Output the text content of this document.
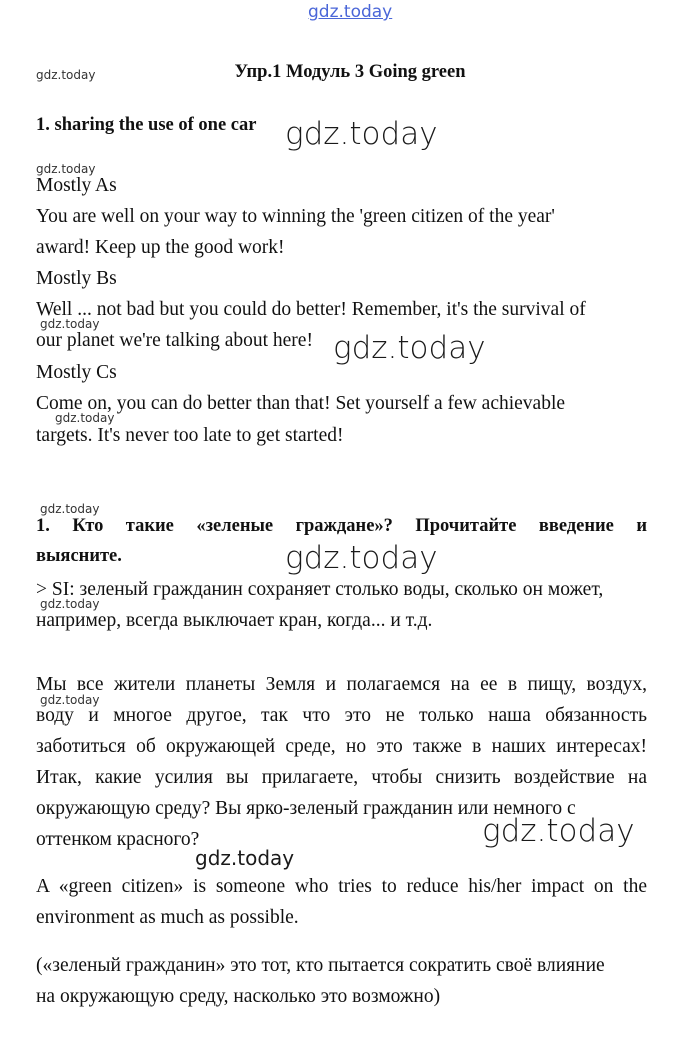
gdz.today
gdz.today
gdz.today
gdz.today
gdz.today
gdz.today
gdz.today
gdz.today
gdz.today
gdz.today
gdz.today
gdz.today
gdz.today
Упр.1 Модуль 3 Going green
1. sharing the use of one car
Mostly As
You are well on your way to winning the 'green citizen of the year'
award! Keep up the good work!
Mostly Bs
Well ... not bad but you could do better! Remember, it's the survival of
our planet we're talking about here!
Mostly Cs
Come on, you can do better than that! Set yourself a few achievable
targets. It's never too late to get started!
1. Кто такие «зеленые граждане»? Прочитайте введение и
выясните.
> SI: зеленый гражданин сохраняет столько воды, сколько он может,
например, всегда выключает кран, когда... и т.д.
Мы все жители планеты Земля и полагаемся на ее в пищу, воздух,
воду и многое другое, так что это не только наша обязанность
заботиться об окружающей среде, но это также в наших интересах!
Итак, какие усилия вы прилагаете, чтобы снизить воздействие на
окружающую среду? Вы ярко-зеленый гражданин или немного с
оттенком красного?
A «green citizen» is someone who tries to reduce his/her impact on the
environment as much as possible.
(«зеленый гражданин» это тот, кто пытается сократить своё влияние
на окружающую среду, насколько это возможно)
